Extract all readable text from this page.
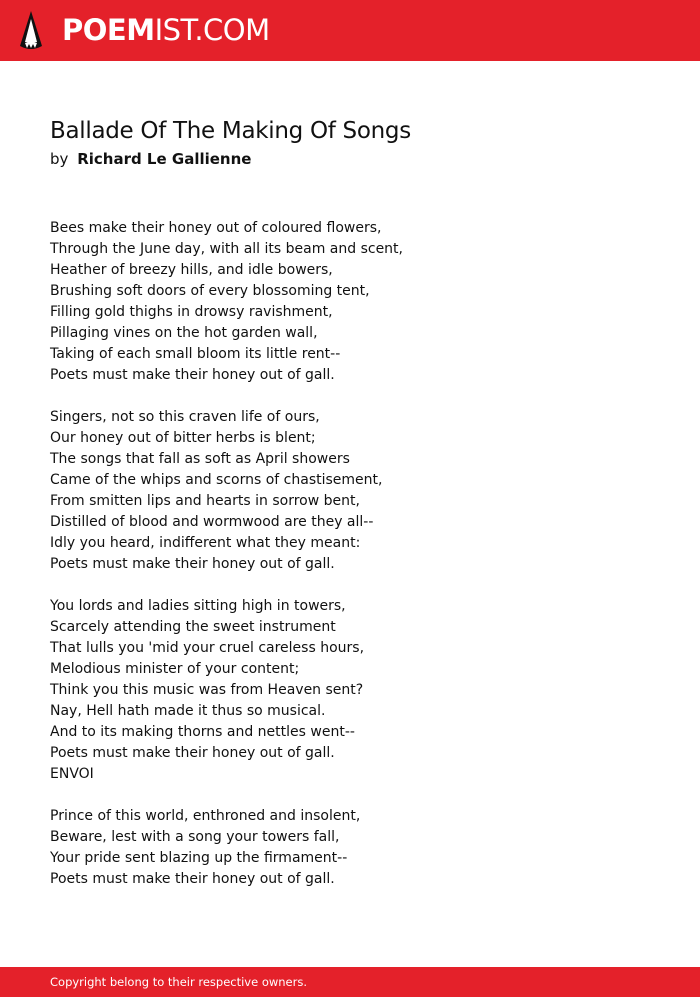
POEMIST.COM
Ballade Of The Making Of Songs
by Richard Le Gallienne
Bees make their honey out of coloured flowers,
Through the June day, with all its beam and scent,
Heather of breezy hills, and idle bowers,
Brushing soft doors of every blossoming tent,
Filling gold thighs in drowsy ravishment,
Pillaging vines on the hot garden wall,
Taking of each small bloom its little rent--
Poets must make their honey out of gall.
Singers, not so this craven life of ours,
Our honey out of bitter herbs is blent;
The songs that fall as soft as April showers
Came of the whips and scorns of chastisement,
From smitten lips and hearts in sorrow bent,
Distilled of blood and wormwood are they all--
Idly you heard, indifferent what they meant:
Poets must make their honey out of gall.
You lords and ladies sitting high in towers,
Scarcely attending the sweet instrument
That lulls you 'mid your cruel careless hours,
Melodious minister of your content;
Think you this music was from Heaven sent?
Nay, Hell hath made it thus so musical.
And to its making thorns and nettles went--
Poets must make their honey out of gall.
ENVOI
Prince of this world, enthroned and insolent,
Beware, lest with a song your towers fall,
Your pride sent blazing up the firmament--
Poets must make their honey out of gall.
Copyright belong to their respective owners.
